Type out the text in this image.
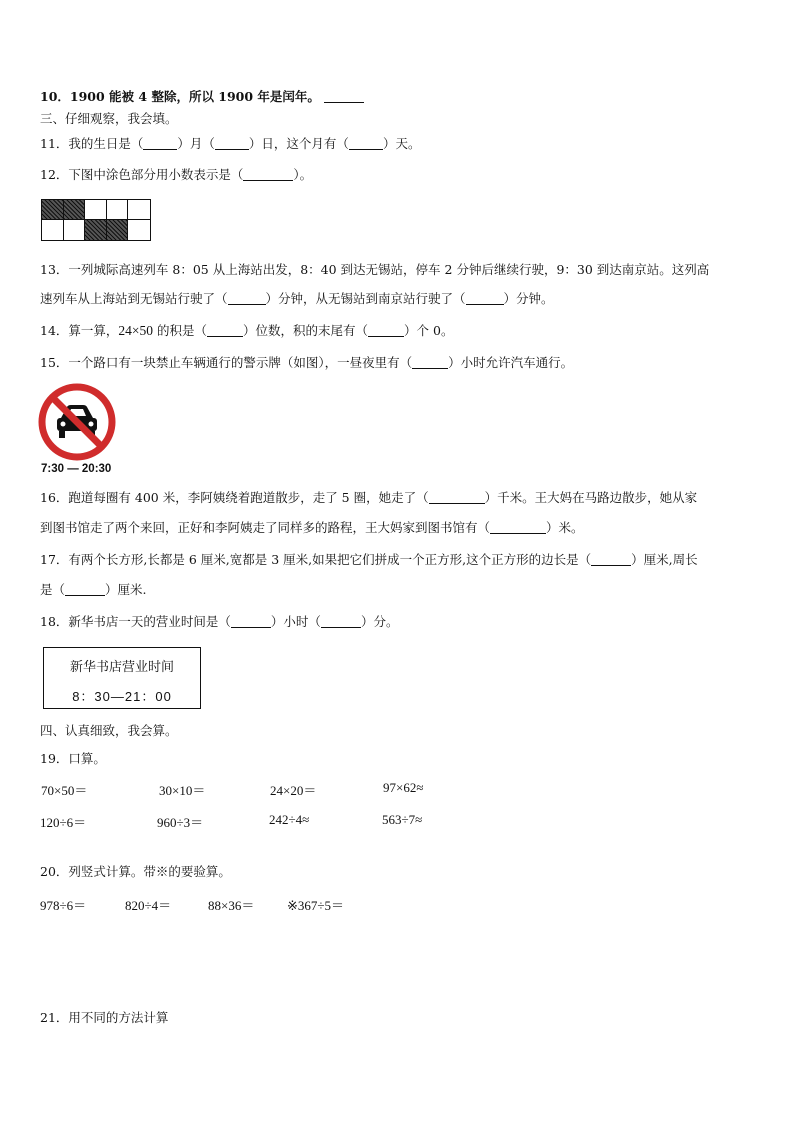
10．1900 能被 4 整除，所以 1900 年是闰年。
三、仔细观察，我会填。
11．我的生日是（	）月（	）日，这个月有（	）天。
12．下图中涂色部分用小数表示是（	）。
13．一列城际高速列车 8：05 从上海站出发，8：40 到达无锡站，停车 2 分钟后继续行驶，9：30 到达南京站。这列高
速列车从上海站到无锡站行驶了（	）分钟，从无锡站到南京站行驶了（	）分钟。
14．算一算，24×50 的积是（	）位数，积的末尾有（	）个 0。
15．一个路口有一块禁止车辆通行的警示牌（如图），一昼夜里有（	）小时允许汽车通行。
7:30 — 20:30
16．跑道每圈有 400 米，李阿姨绕着跑道散步，走了 5 圈，她走了（	）千米。王大妈在马路边散步，她从家
到图书馆走了两个来回，正好和李阿姨走了同样多的路程，王大妈家到图书馆有（	）米。
17．有两个长方形,长都是 6 厘米,宽都是 3 厘米,如果把它们拼成一个正方形,这个正方形的边长是（	）厘米,周长
是（	）厘米.
18．新华书店一天的营业时间是（	）小时（	）分。
新华书店营业时间
8：30—21：00
四、认真细致，我会算。
19．口算。
70×50＝	30×10＝	24×20＝	97×62≈
120÷6＝	960÷3＝	242÷4≈	563÷7≈
20．列竖式计算。带※的要验算。
978÷6＝	820÷4＝	88×36＝	※367÷5＝
21．用不同的方法计算
